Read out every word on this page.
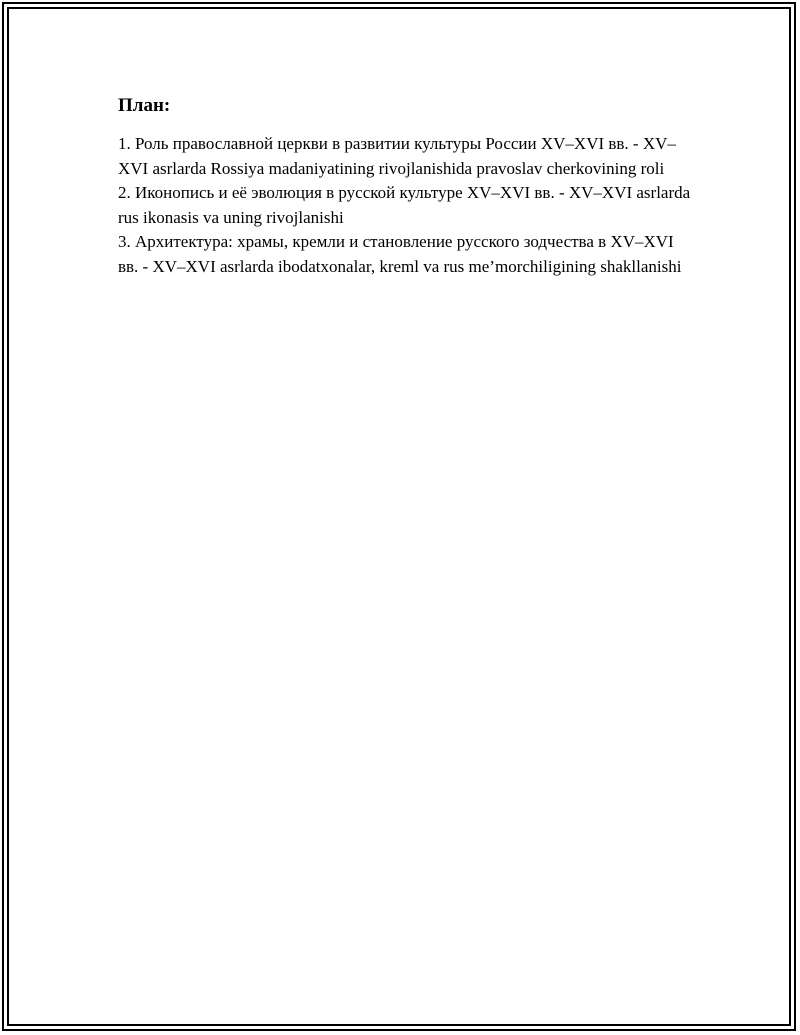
План:

1. Роль православной церкви в развитии культуры России XV–XVI вв. - XV–XVI asrlarda Rossiya madaniyatining rivojlanishida pravoslav cherkovining roli

2. Иконопись и её эволюция в русской культуре XV–XVI вв. - XV–XVI asrlarda rus ikonasis va uning rivojlanishi

3. Архитектура: храмы, кремли и становление русского зодчества в XV–XVI вв. - XV–XVI asrlarda ibodatxonalar, kreml va rus me’morchiligining shakllanishi
